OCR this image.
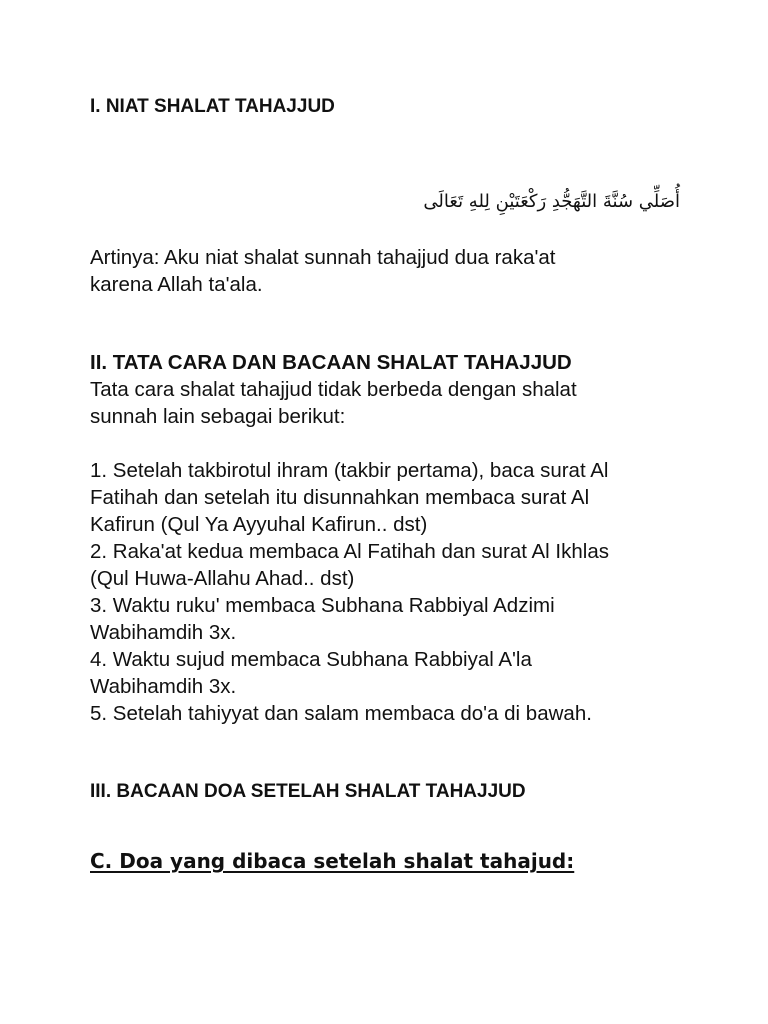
I. NIAT SHALAT TAHAJJUD
أُصَلِّي سُنَّةَ التَّهَجُّدِ رَكْعَتَيْنِ لِلهِ تَعَالَى

Artinya: Aku niat shalat sunnah tahajjud dua raka'at

karena Allah ta'ala.

II. TATA CARA DAN BACAAN SHALAT TAHAJJUD

Tata cara shalat tahajjud tidak berbeda dengan shalat

sunnah lain sebagai berikut:

1. Setelah takbirotul ihram (takbir pertama), baca surat Al

Fatihah dan setelah itu disunnahkan membaca surat Al

Kafirun (Qul Ya Ayyuhal Kafirun.. dst)

2. Raka'at kedua membaca Al Fatihah dan surat Al Ikhlas

(Qul Huwa-Allahu Ahad.. dst)

3. Waktu ruku' membaca Subhana Rabbiyal Adzimi

Wabihamdih 3x.

4. Waktu sujud membaca Subhana Rabbiyal A'la

Wabihamdih 3x.

5. Setelah tahiyyat dan salam membaca do'a di bawah.

III. BACAAN DOA SETELAH SHALAT TAHAJJUD
C. Doa yang dibaca setelah shalat tahajud:
